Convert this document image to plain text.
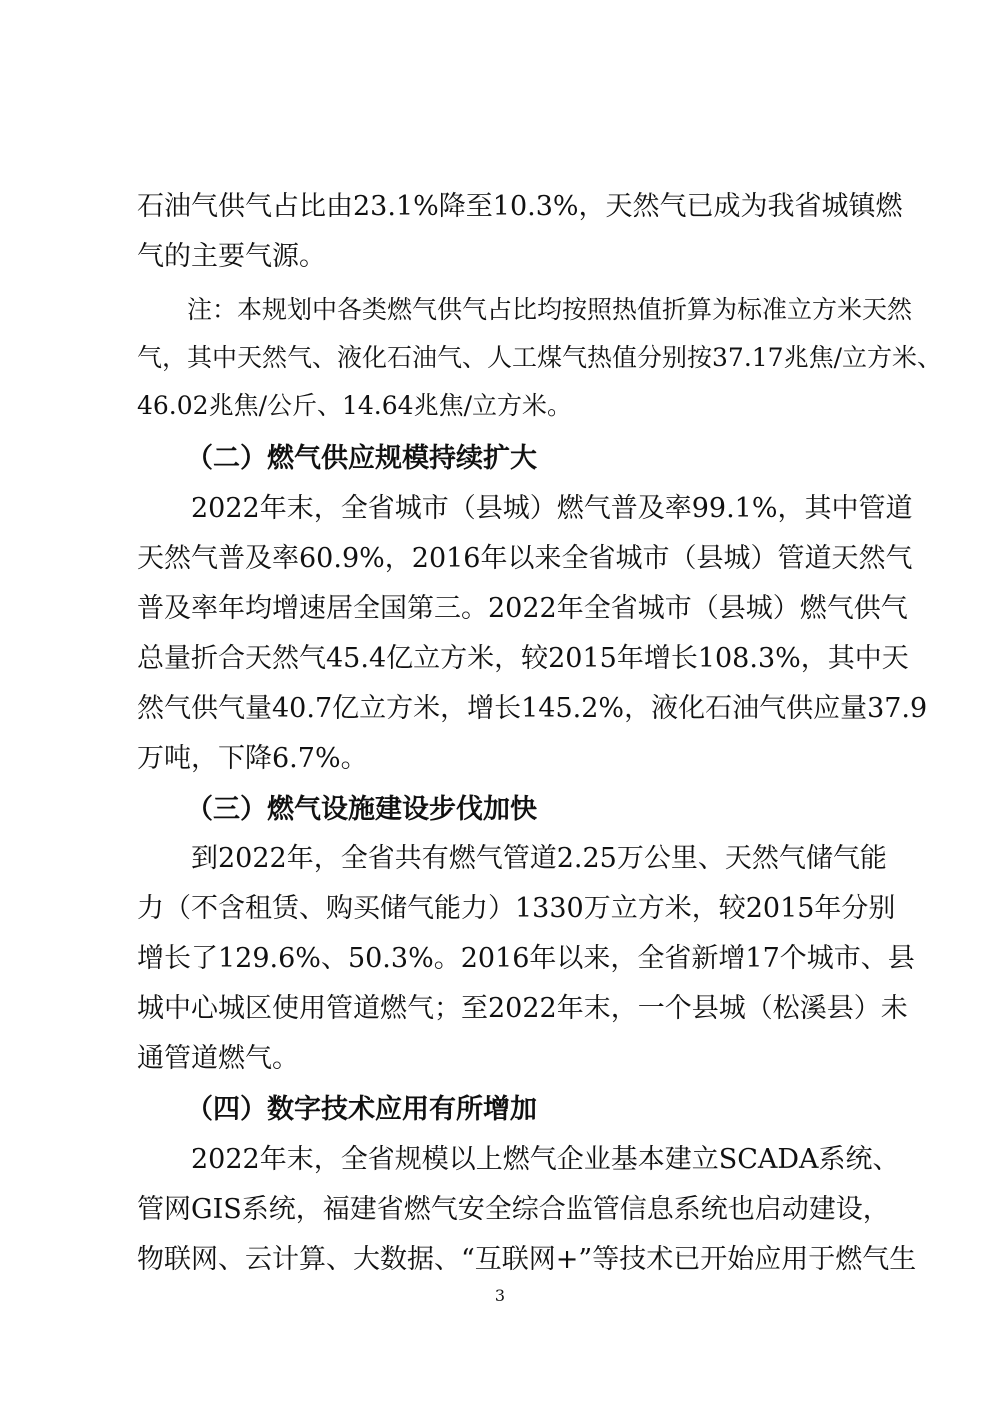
石油气供气占比由23.1%降至10.3%，天然气已成为我省城镇燃
气的主要气源。
注：本规划中各类燃气供气占比均按照热值折算为标准立方米天然
气，其中天然气、液化石油气、人工煤气热值分别按37.17兆焦/立方米、
46.02兆焦/公斤、14.64兆焦/立方米。
（二）燃气供应规模持续扩大
2022年末，全省城市（县城）燃气普及率99.1%，其中管道
天然气普及率60.9%，2016年以来全省城市（县城）管道天然气
普及率年均增速居全国第三。2022年全省城市（县城）燃气供气
总量折合天然气45.4亿立方米，较2015年增长108.3%，其中天
然气供气量40.7亿立方米，增长145.2%，液化石油气供应量37.9
万吨，下降6.7%。
（三）燃气设施建设步伐加快
到2022年，全省共有燃气管道2.25万公里、天然气储气能
力（不含租赁、购买储气能力）1330万立方米，较2015年分别
增长了129.6%、50.3%。2016年以来，全省新增17个城市、县
城中心城区使用管道燃气；至2022年末，一个县城（松溪县）未
通管道燃气。
（四）数字技术应用有所增加
2022年末，全省规模以上燃气企业基本建立SCADA系统、
管网GIS系统，福建省燃气安全综合监管信息系统也启动建设，
物联网、云计算、大数据、“互联网+”等技术已开始应用于燃气生
3
